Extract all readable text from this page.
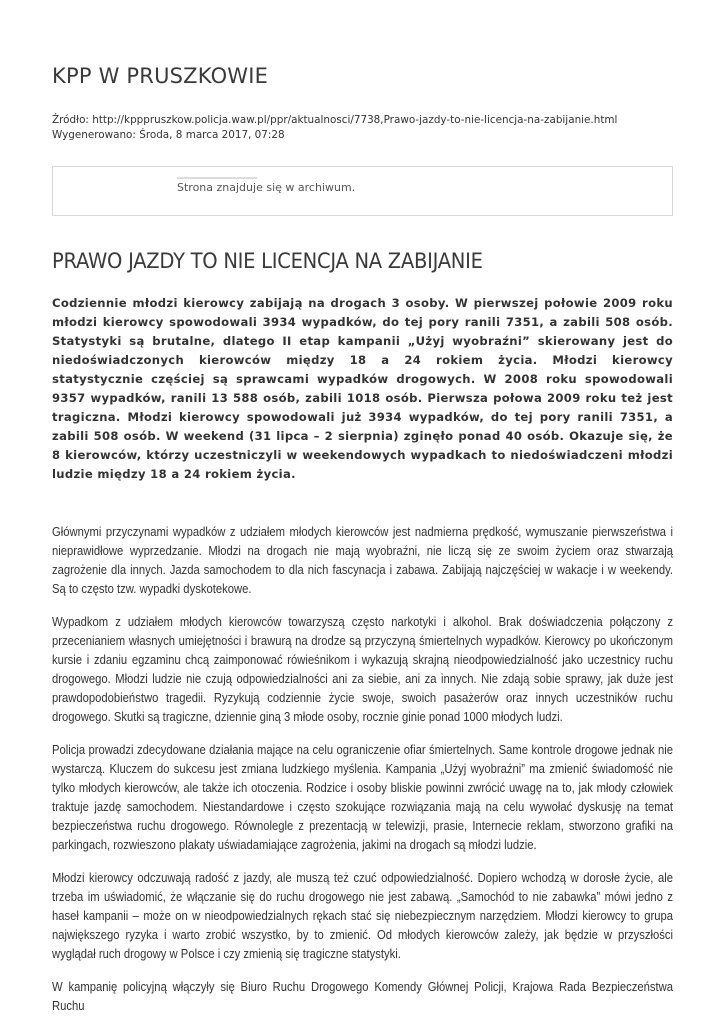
KPP W PRUSZKOWIE
Źródło: http://kpppruszkow.policja.waw.pl/ppr/aktualnosci/7738,Prawo-jazdy-to-nie-licencja-na-zabijanie.html
Wygenerowano: Środa, 8 marca 2017, 07:28
Strona znajduje się w archiwum.
PRAWO JAZDY TO NIE LICENCJA NA ZABIJANIE

Codziennie młodzi kierowcy zabijają na drogach 3 osoby. W pierwszej połowie 2009 roku młodzi kierowcy spowodowali 3934 wypadków, do tej pory ranili 7351, a zabili 508 osób. Statystyki są brutalne, dlatego II etap kampanii „Użyj wyobraźni” skierowany jest do niedoświadczonych kierowców między 18 a 24 rokiem życia. Młodzi kierowcy statystycznie częściej są sprawcami wypadków drogowych. W 2008 roku spowodowali 9357 wypadków, ranili 13 588 osób, zabili 1018 osób. Pierwsza połowa 2009 roku też jest tragiczna. Młodzi kierowcy spowodowali już 3934 wypadków, do tej pory ranili 7351, a zabili 508 osób. W weekend (31 lipca – 2 sierpnia) zginęło ponad 40 osób. Okazuje się, że 8 kierowców, którzy uczestniczyli w weekendowych wypadkach to niedoświadczeni młodzi ludzie między 18 a 24 rokiem życia.

Głównymi przyczynami wypadków z udziałem młodych kierowców jest nadmierna prędkość, wymuszanie pierwszeństwa i nieprawidłowe wyprzedzanie. Młodzi na drogach nie mają wyobraźni, nie liczą się ze swoim życiem oraz stwarzają zagrożenie dla innych. Jazda samochodem to dla nich fascynacja i zabawa. Zabijają najczęściej w wakacje i w weekendy. Są to często tzw. wypadki dyskotekowe.

Wypadkom z udziałem młodych kierowców towarzyszą często narkotyki i alkohol. Brak doświadczenia połączony z przecenianiem własnych umiejętności i brawurą na drodze są przyczyną śmiertelnych wypadków. Kierowcy po ukończonym kursie i zdaniu egzaminu chcą zaimponować rówieśnikom i wykazują skrajną nieodpowiedzialność jako uczestnicy ruchu drogowego. Młodzi ludzie nie czują odpowiedzialności ani za siebie, ani za innych. Nie zdają sobie sprawy, jak duże jest prawdopodobieństwo tragedii. Ryzykują codziennie życie swoje, swoich pasażerów oraz innych uczestników ruchu drogowego. Skutki są tragiczne, dziennie giną 3 młode osoby, rocznie ginie ponad 1000 młodych ludzi.

Policja prowadzi zdecydowane działania mające na celu ograniczenie ofiar śmiertelnych. Same kontrole drogowe jednak nie wystarczą. Kluczem do sukcesu jest zmiana ludzkiego myślenia. Kampania „Użyj wyobraźni” ma zmienić świadomość nie tylko młodych kierowców, ale także ich otoczenia. Rodzice i osoby bliskie powinni zwrócić uwagę na to, jak młody człowiek traktuje jazdę samochodem. Niestandardowe i często szokujące rozwiązania mają na celu wywołać dyskusję na temat bezpieczeństwa ruchu drogowego. Równolegle z prezentacją w telewizji, prasie, Internecie reklam, stworzono grafiki na parkingach, rozwieszono plakaty uświadamiające zagrożenia, jakimi na drogach są młodzi ludzie.

Młodzi kierowcy odczuwają radość z jazdy, ale muszą też czuć odpowiedzialność. Dopiero wchodzą w dorosłe życie, ale trzeba im uświadomić, że włączanie się do ruchu drogowego nie jest zabawą. „Samochód to nie zabawka” mówi jedno z haseł kampanii – może on w nieodpowiedzialnych rękach stać się niebezpiecznym narzędziem. Młodzi kierowcy to grupa największego ryzyka i warto zrobić wszystko, by to zmienić. Od młodych kierowców zależy, jak będzie w przyszłości wyglądał ruch drogowy w Polsce i czy zmienią się tragiczne statystyki.

W kampanię policyjną włączyły się Biuro Ruchu Drogowego Komendy Głównej Policji, Krajowa Rada Bezpieczeństwa Ruchu
